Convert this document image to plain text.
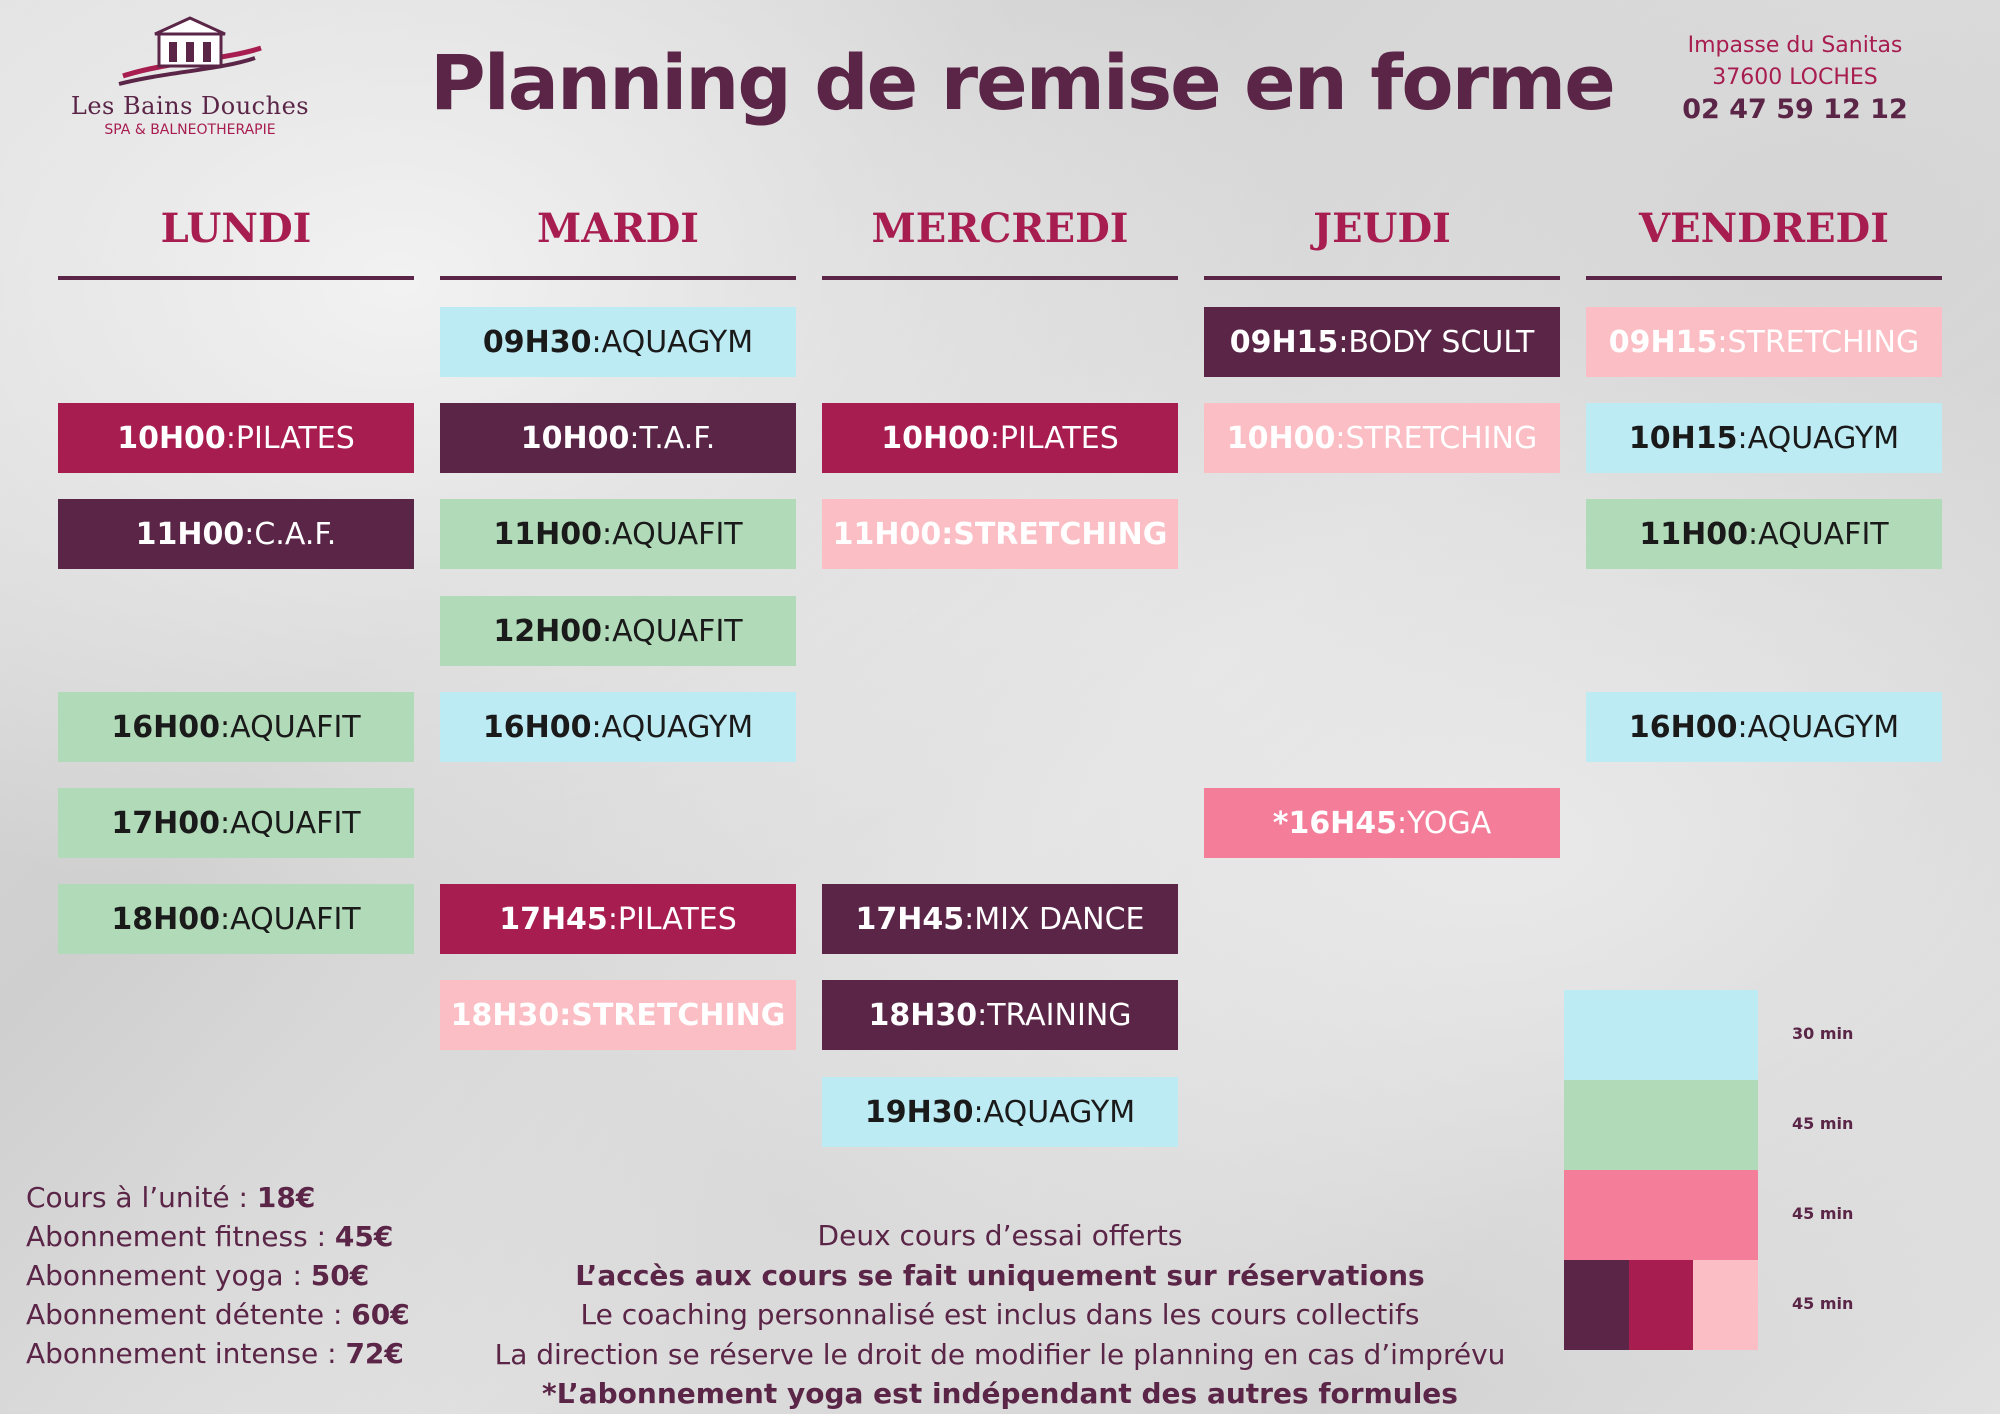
Les Bains Douches
SPA & BALNEOTHERAPIE
Planning de remise en forme	Impasse du Sanitas
37600 LOCHES
02 47 59 12 12
LUNDI
10H00 : PILATES
11H00 : C.A.F.
16H00 : AQUAFIT
17H00 : AQUAFIT
18H00 : AQUAFIT
MARDI
09H30 : AQUAGYM
10H00 : T.A.F.
11H00 : AQUAFIT
12H00 : AQUAFIT
16H00 : AQUAGYM
17H45 : PILATES
18H30 : STRETCHING
MERCREDI
10H00 : PILATES
11H00 : STRETCHING
17H45 : MIX DANCE
18H30 : TRAINING
19H30 : AQUAGYM
JEUDI
09H15 : BODY SCULT
10H00 : STRETCHING
*16H45 : YOGA
VENDREDI
09H15 : STRETCHING
10H15 : AQUAGYM
11H00 : AQUAFIT
16H00 : AQUAGYM
30 min
45 min
45 min
45 min
Cours à l’unité : 18€
Abonnement fitness : 45€
Abonnement yoga : 50€
Abonnement détente : 60€
Abonnement intense : 72€
Deux cours d’essai offerts
L’accès aux cours se fait uniquement sur réservations
Le coaching personnalisé est inclus dans les cours collectifs
La direction se réserve le droit de modifier le planning en cas d’imprévu
*L’abonnement yoga est indépendant des autres formules
